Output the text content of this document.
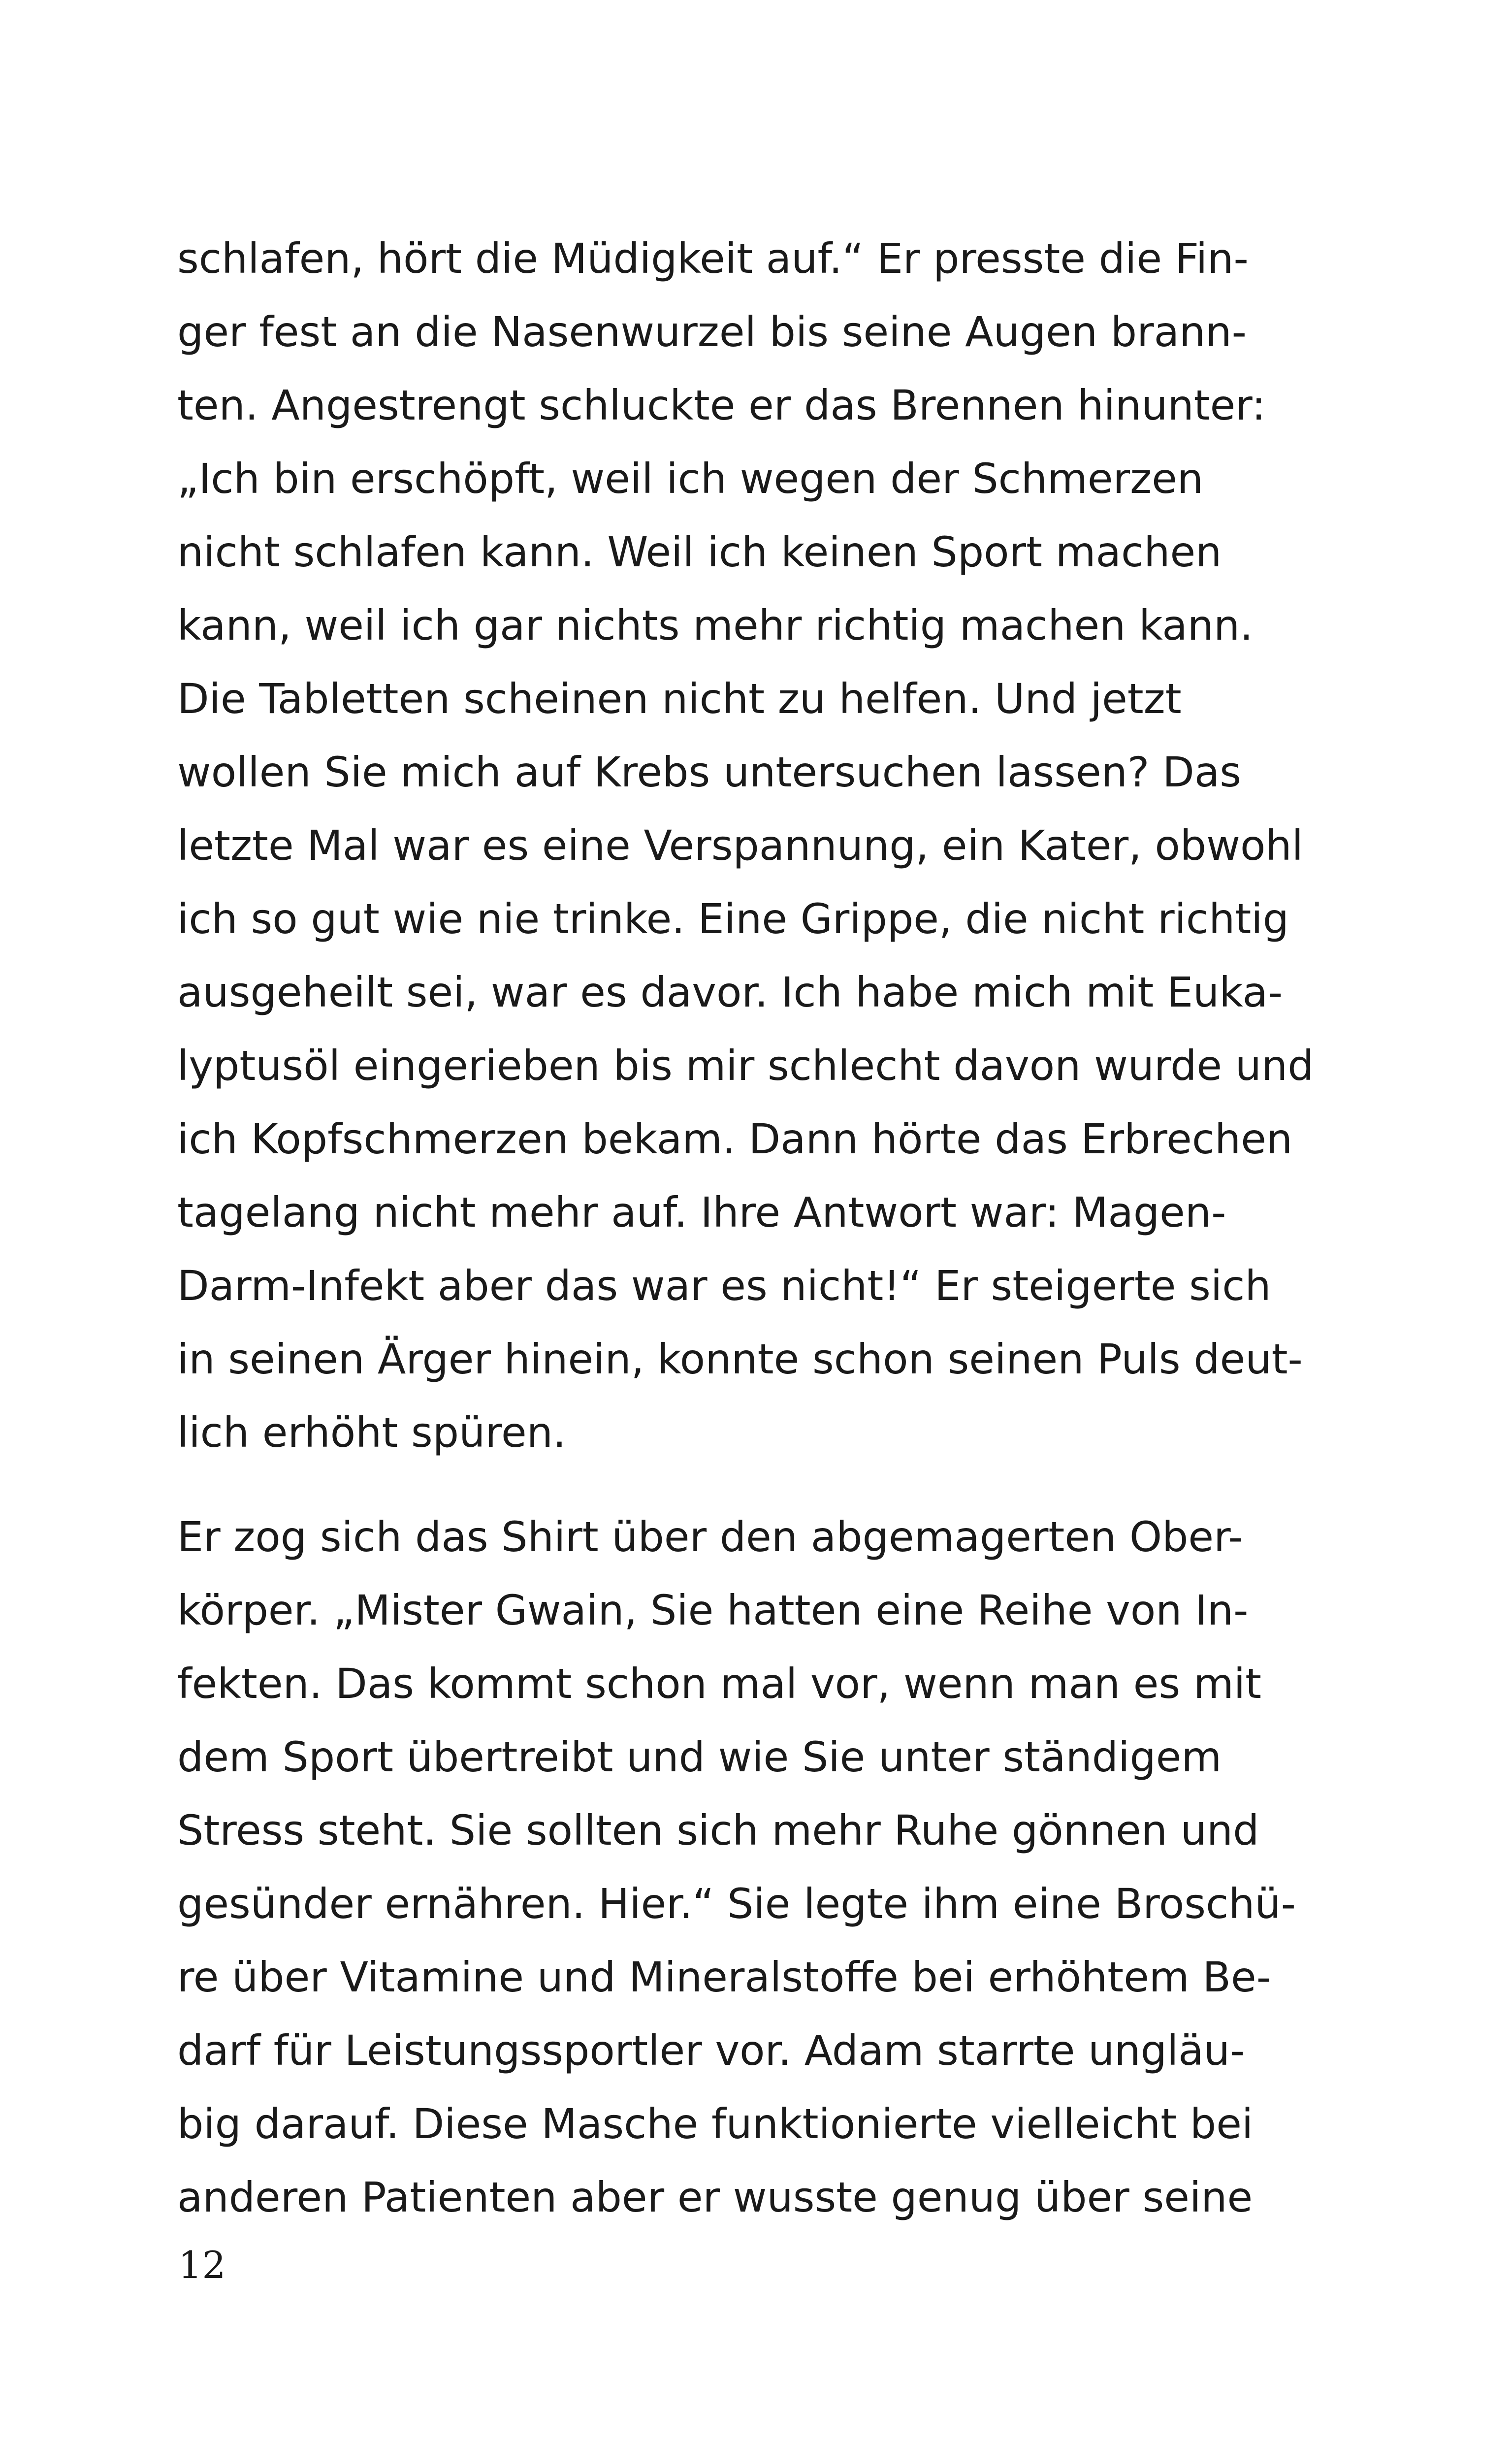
schlafen, hört die Müdigkeit auf.“ Er presste die Fin-
ger fest an die Nasenwurzel bis seine Augen brann-
ten. Angestrengt schluckte er das Brennen hinunter:
„Ich bin erschöpft, weil ich wegen der Schmerzen
nicht schlafen kann. Weil ich keinen Sport machen
kann, weil ich gar nichts mehr richtig machen kann.
Die Tabletten scheinen nicht zu helfen. Und jetzt
wollen Sie mich auf Krebs untersuchen lassen? Das
letzte Mal war es eine Verspannung, ein Kater, obwohl
ich so gut wie nie trinke. Eine Grippe, die nicht richtig
ausgeheilt sei, war es davor. Ich habe mich mit Euka-
lyptusöl eingerieben bis mir schlecht davon wurde und
ich Kopfschmerzen bekam. Dann hörte das Erbrechen
tagelang nicht mehr auf. Ihre Antwort war: Magen-
Darm-Infekt aber das war es nicht!“ Er steigerte sich
in seinen Ärger hinein, konnte schon seinen Puls deut-
lich erhöht spüren.

Er zog sich das Shirt über den abgemagerten Ober-
körper. „Mister Gwain, Sie hatten eine Reihe von In-
fekten. Das kommt schon mal vor, wenn man es mit
dem Sport übertreibt und wie Sie unter ständigem
Stress steht. Sie sollten sich mehr Ruhe gönnen und
gesünder ernähren. Hier.“ Sie legte ihm eine Broschü-
re über Vitamine und Mineralstoffe bei erhöhtem Be-
darf für Leistungssportler vor. Adam starrte ungläu-
big darauf. Diese Masche funktionierte vielleicht bei
anderen Patienten aber er wusste genug über seine

12
